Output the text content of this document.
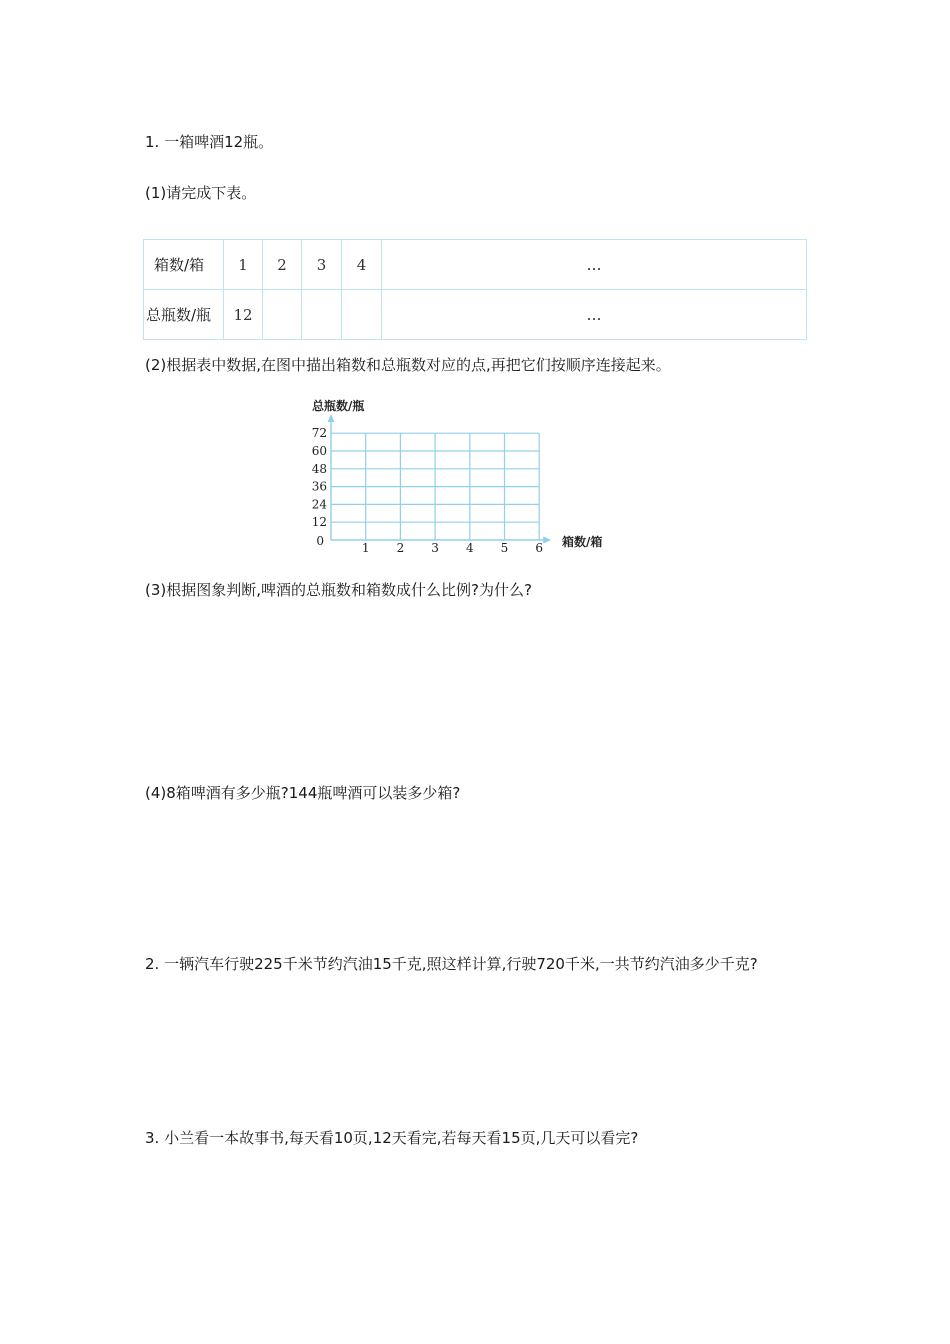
1. 一箱啤酒12瓶。
(1)请完成下表。
箱数/箱	1	2	3	4	…
总瓶数/瓶	12				…
(2)根据表中数据,在图中描出箱数和总瓶数对应的点,再把它们按顺序连接起来。
1 2 3 4 5 6
12
24
36
48
60
72
总瓶数/瓶
箱数/箱
0
(3)根据图象判断,啤酒的总瓶数和箱数成什么比例?为什么?
(4)8箱啤酒有多少瓶?144瓶啤酒可以装多少箱?
2. 一辆汽车行驶225千米节约汽油15千克,照这样计算,行驶720千米,一共节约汽油多少千克?
3. 小兰看一本故事书,每天看10页,12天看完,若每天看15页,几天可以看完?
